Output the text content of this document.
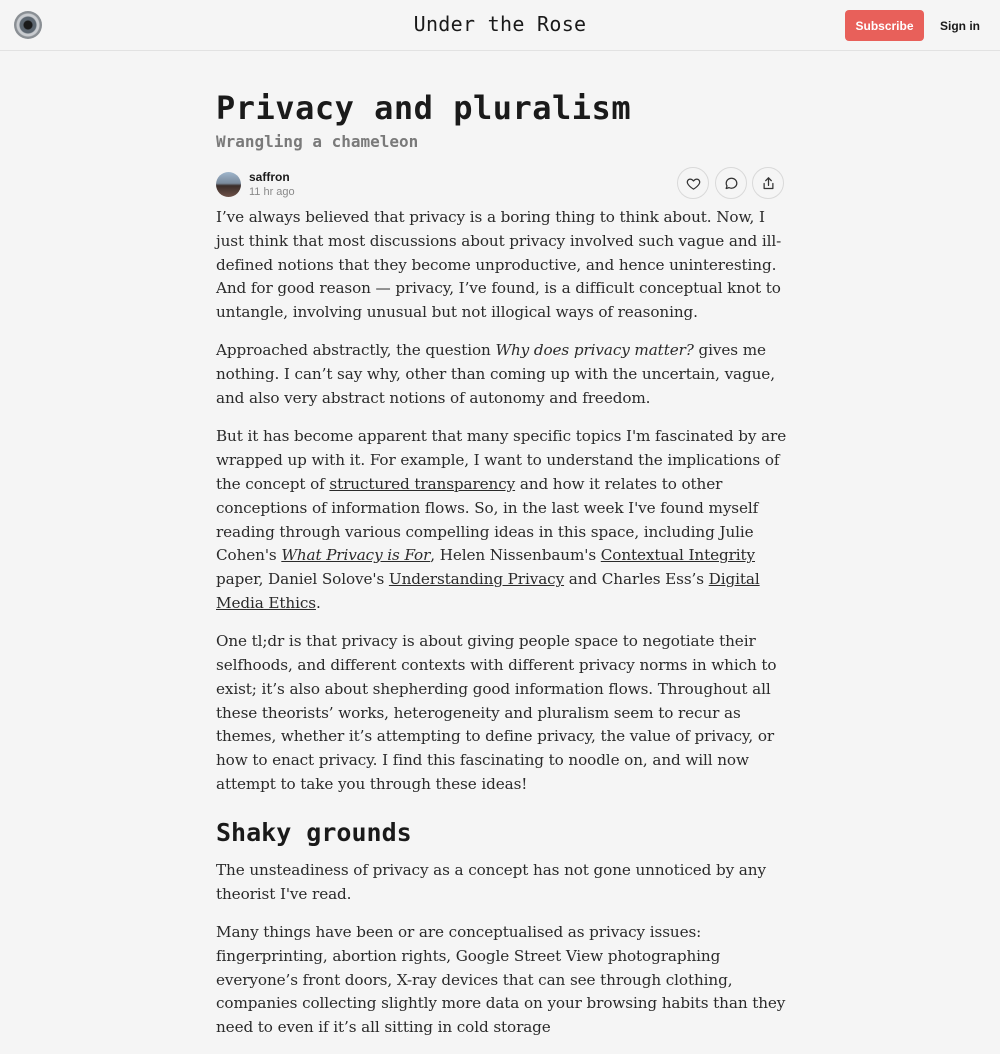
Under the Rose	Subscribe	Sign in
Privacy and pluralism
Wrangling a chameleon
saffron
11 hr ago

I’ve always believed that privacy is a boring thing to think about. Now, I just think that most discussions about privacy involved such vague and ill-defined notions that they become unproductive, and hence uninteresting. And for good reason — privacy, I’ve found, is a difficult conceptual knot to untangle, involving unusual but not illogical ways of reasoning.

Approached abstractly, the question Why does privacy matter? gives me nothing. I can’t say why, other than coming up with the uncertain, vague, and also very abstract notions of autonomy and freedom.

But it has become apparent that many specific topics I'm fascinated by are wrapped up with it. For example, I want to understand the implications of the concept of structured transparency and how it relates to other conceptions of information flows. So, in the last week I've found myself reading through various compelling ideas in this space, including Julie Cohen's What Privacy is For, Helen Nissenbaum's Contextual Integrity paper, Daniel Solove's Understanding Privacy and Charles Ess’s Digital Media Ethics.

One tl;dr is that privacy is about giving people space to negotiate their selfhoods, and different contexts with different privacy norms in which to exist; it’s also about shepherding good information flows. Throughout all these theorists’ works, heterogeneity and pluralism seem to recur as themes, whether it’s attempting to define privacy, the value of privacy, or how to enact privacy. I find this fascinating to noodle on, and will now attempt to take you through these ideas!

Shaky grounds

The unsteadiness of privacy as a concept has not gone unnoticed by any theorist I've read.

Many things have been or are conceptualised as privacy issues: fingerprinting, abortion rights, Google Street View photographing everyone’s front doors, X-ray devices that can see through clothing, companies collecting slightly more data on your browsing habits than they need to even if it’s all sitting in cold storage
